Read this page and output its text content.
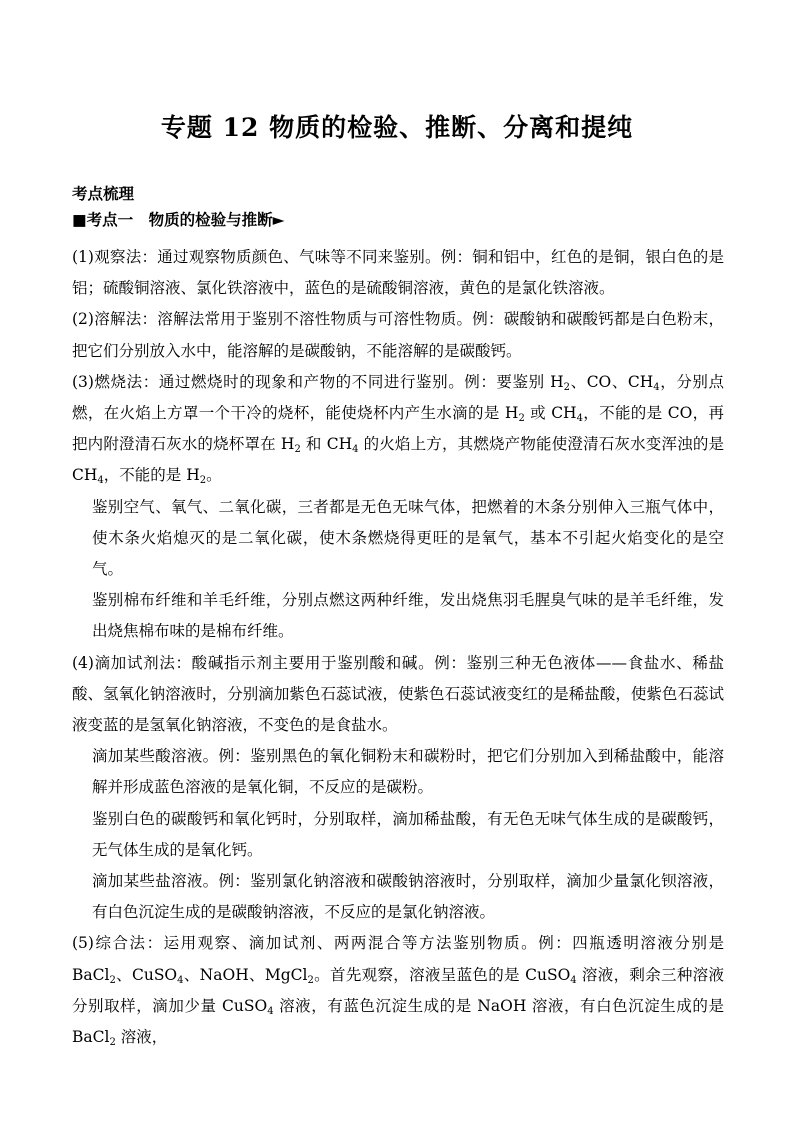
专题 12 物质的检验、推断、分离和提纯
考点梳理
■考点一　物质的检验与推断►

(1)观察法：通过观察物质颜色、气味等不同来鉴别。例：铜和铝中，红色的是铜，银白色的是铝；硫酸铜溶液、氯化铁溶液中，蓝色的是硫酸铜溶液，黄色的是氯化铁溶液。

(2)溶解法：溶解法常用于鉴别不溶性物质与可溶性物质。例：碳酸钠和碳酸钙都是白色粉末，把它们分别放入水中，能溶解的是碳酸钠，不能溶解的是碳酸钙。

(3)燃烧法：通过燃烧时的现象和产物的不同进行鉴别。例：要鉴别 $H_2$、CO、$CH_4$，分别点燃，在火焰上方罩一个干冷的烧杯，能使烧杯内产生水滴的是 $H_2$ 或 $CH_4$，不能的是 CO，再把内附澄清石灰水的烧杯罩在 $H_2$ 和 $CH_4$ 的火焰上方，其燃烧产物能使澄清石灰水变浑浊的是 $CH_4$，不能的是 $H_2$。

鉴别空气、氧气、二氧化碳，三者都是无色无味气体，把燃着的木条分别伸入三瓶气体中，使木条火焰熄灭的是二氧化碳，使木条燃烧得更旺的是氧气，基本不引起火焰变化的是空气。

鉴别棉布纤维和羊毛纤维，分别点燃这两种纤维，发出烧焦羽毛腥臭气味的是羊毛纤维，发出烧焦棉布味的是棉布纤维。

(4)滴加试剂法：酸碱指示剂主要用于鉴别酸和碱。例：鉴别三种无色液体——食盐水、稀盐酸、氢氧化钠溶液时，分别滴加紫色石蕊试液，使紫色石蕊试液变红的是稀盐酸，使紫色石蕊试液变蓝的是氢氧化钠溶液，不变色的是食盐水。

滴加某些酸溶液。例：鉴别黑色的氧化铜粉末和碳粉时，把它们分别加入到稀盐酸中，能溶解并形成蓝色溶液的是氧化铜，不反应的是碳粉。

鉴别白色的碳酸钙和氧化钙时，分别取样，滴加稀盐酸，有无色无味气体生成的是碳酸钙，无气体生成的是氧化钙。

滴加某些盐溶液。例：鉴别氯化钠溶液和碳酸钠溶液时，分别取样，滴加少量氯化钡溶液，有白色沉淀生成的是碳酸钠溶液，不反应的是氯化钠溶液。

(5)综合法：运用观察、滴加试剂、两两混合等方法鉴别物质。例：四瓶透明溶液分别是 BaCl$_2$、CuSO$_4$、NaOH、MgCl$_2$。首先观察，溶液呈蓝色的是 CuSO$_4$ 溶液，剩余三种溶液分别取样，滴加少量 CuSO$_4$ 溶液，有蓝色沉淀生成的是 NaOH 溶液，有白色沉淀生成的是 BaCl$_2$ 溶液，
